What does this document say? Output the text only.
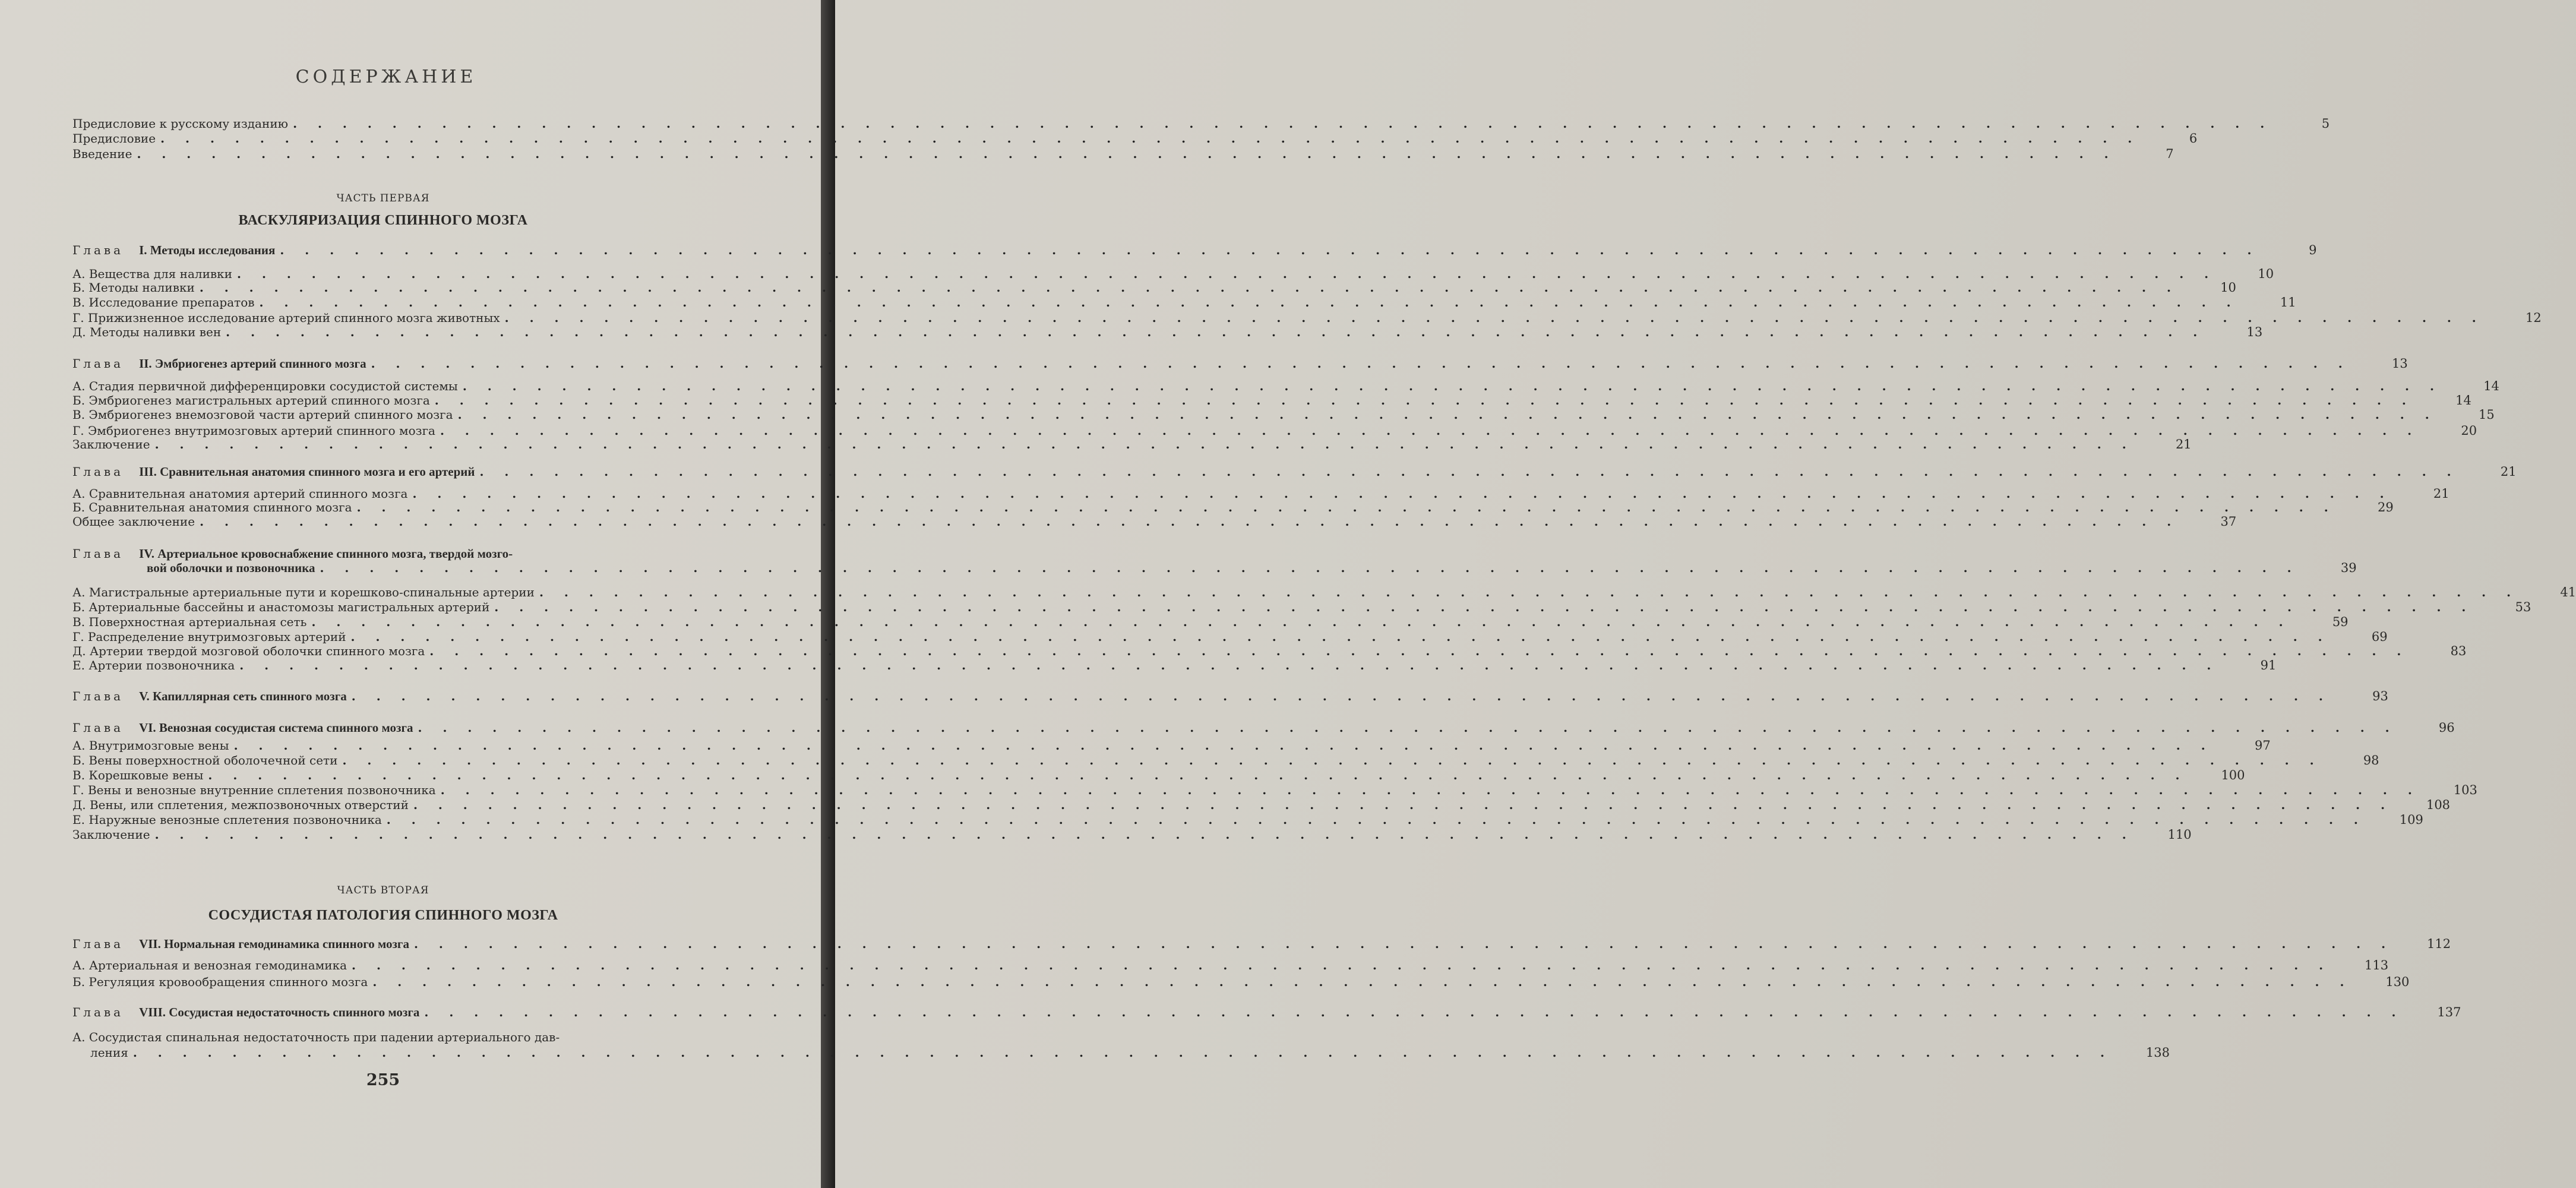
СОДЕРЖАНИЕ
Предисловие к русскому изданию . . . . . . . . . . . . . . . . . . . . . . . . . . . . . . . . . . . . . . . . . . . . . . . . . . . . . . . . . . . . . . . . . . . . . . . . . . . . . . . .	5
Предисловие . . . . . . . . . . . . . . . . . . . . . . . . . . . . . . . . . . . . . . . . . . . . . . . . . . . . . . . . . . . . . . . . . . . . . . . . . . . . . . . .	6
Введение . . . . . . . . . . . . . . . . . . . . . . . . . . . . . . . . . . . . . . . . . . . . . . . . . . . . . . . . . . . . . . . . . . . . . . . . . . . . . . . .	7
ЧАСТЬ ПЕРВАЯ
ВАСКУЛЯРИЗАЦИЯ СПИННОГО МОЗГА
Глава I. Методы исследования . . . . . . . . . . . . . . . . . . . . . . . . . . . . . . . . . . . . . . . . . . . . . . . . . . . . . . . . . . . . . . . . . . . . . . . . . . . . . . . .	9
А. Вещества для наливки . . . . . . . . . . . . . . . . . . . . . . . . . . . . . . . . . . . . . . . . . . . . . . . . . . . . . . . . . . . . . . . . . . . . . . . . . . . . . . . .	10
Б. Методы наливки . . . . . . . . . . . . . . . . . . . . . . . . . . . . . . . . . . . . . . . . . . . . . . . . . . . . . . . . . . . . . . . . . . . . . . . . . . . . . . . .	10
В. Исследование препаратов . . . . . . . . . . . . . . . . . . . . . . . . . . . . . . . . . . . . . . . . . . . . . . . . . . . . . . . . . . . . . . . . . . . . . . . . . . . . . . . .	11
Г. Прижизненное исследование артерий спинного мозга животных . . . . . . . . . . . . . . . . . . . . . . . . . . . . . . . . . . . . . . . . . . . . . . . . . . . . . . . . . . . . . . . . . . . . . . . . . . . . . . . .	12
Д. Методы наливки вен . . . . . . . . . . . . . . . . . . . . . . . . . . . . . . . . . . . . . . . . . . . . . . . . . . . . . . . . . . . . . . . . . . . . . . . . . . . . . . . .	13
Глава II. Эмбриогенез артерий спинного мозга . . . . . . . . . . . . . . . . . . . . . . . . . . . . . . . . . . . . . . . . . . . . . . . . . . . . . . . . . . . . . . . . . . . . . . . . . . . . . . . .	13
А. Стадия первичной дифференцировки сосудистой системы . . . . . . . . . . . . . . . . . . . . . . . . . . . . . . . . . . . . . . . . . . . . . . . . . . . . . . . . . . . . . . . . . . . . . . . . . . . . . . . .	14
Б. Эмбриогенез магистральных артерий спинного мозга . . . . . . . . . . . . . . . . . . . . . . . . . . . . . . . . . . . . . . . . . . . . . . . . . . . . . . . . . . . . . . . . . . . . . . . . . . . . . . . .	14
В. Эмбриогенез внемозговой части артерий спинного мозга . . . . . . . . . . . . . . . . . . . . . . . . . . . . . . . . . . . . . . . . . . . . . . . . . . . . . . . . . . . . . . . . . . . . . . . . . . . . . . . .	15
Г. Эмбриогенез внутримозговых артерий спинного мозга . . . . . . . . . . . . . . . . . . . . . . . . . . . . . . . . . . . . . . . . . . . . . . . . . . . . . . . . . . . . . . . . . . . . . . . . . . . . . . . .	20
Заключение . . . . . . . . . . . . . . . . . . . . . . . . . . . . . . . . . . . . . . . . . . . . . . . . . . . . . . . . . . . . . . . . . . . . . . . . . . . . . . . .	21
Глава III. Сравнительная анатомия спинного мозга и его артерий . . . . . . . . . . . . . . . . . . . . . . . . . . . . . . . . . . . . . . . . . . . . . . . . . . . . . . . . . . . . . . . . . . . . . . . . . . . . . . . .	21
А. Сравнительная анатомия артерий спинного мозга . . . . . . . . . . . . . . . . . . . . . . . . . . . . . . . . . . . . . . . . . . . . . . . . . . . . . . . . . . . . . . . . . . . . . . . . . . . . . . . .	21
Б. Сравнительная анатомия спинного мозга . . . . . . . . . . . . . . . . . . . . . . . . . . . . . . . . . . . . . . . . . . . . . . . . . . . . . . . . . . . . . . . . . . . . . . . . . . . . . . . .	29
Общее заключение . . . . . . . . . . . . . . . . . . . . . . . . . . . . . . . . . . . . . . . . . . . . . . . . . . . . . . . . . . . . . . . . . . . . . . . . . . . . . . . .	37
Глава IV. Артериальное кровоснабжение спинного мозга, твердой мозго-
вой оболочки и позвоночника . . . . . . . . . . . . . . . . . . . . . . . . . . . . . . . . . . . . . . . . . . . . . . . . . . . . . . . . . . . . . . . . . . . . . . . . . . . . . . . .	39
А. Магистральные артериальные пути и корешково-спинальные артерии . . . . . . . . . . . . . . . . . . . . . . . . . . . . . . . . . . . . . . . . . . . . . . . . . . . . . . . . . . . . . . . . . . . . . . . . . . . . . . . .	41
Б. Артериальные бассейны и анастомозы магистральных артерий . . . . . . . . . . . . . . . . . . . . . . . . . . . . . . . . . . . . . . . . . . . . . . . . . . . . . . . . . . . . . . . . . . . . . . . . . . . . . . . .	53
В. Поверхностная артериальная сеть . . . . . . . . . . . . . . . . . . . . . . . . . . . . . . . . . . . . . . . . . . . . . . . . . . . . . . . . . . . . . . . . . . . . . . . . . . . . . . . .	59
Г. Распределение внутримозговых артерий . . . . . . . . . . . . . . . . . . . . . . . . . . . . . . . . . . . . . . . . . . . . . . . . . . . . . . . . . . . . . . . . . . . . . . . . . . . . . . . .	69
Д. Артерии твердой мозговой оболочки спинного мозга . . . . . . . . . . . . . . . . . . . . . . . . . . . . . . . . . . . . . . . . . . . . . . . . . . . . . . . . . . . . . . . . . . . . . . . . . . . . . . . .	83
Е. Артерии позвоночника . . . . . . . . . . . . . . . . . . . . . . . . . . . . . . . . . . . . . . . . . . . . . . . . . . . . . . . . . . . . . . . . . . . . . . . . . . . . . . . .	91
Глава V. Капиллярная сеть спинного мозга . . . . . . . . . . . . . . . . . . . . . . . . . . . . . . . . . . . . . . . . . . . . . . . . . . . . . . . . . . . . . . . . . . . . . . . . . . . . . . . .	93
Глава VI. Венозная сосудистая система спинного мозга . . . . . . . . . . . . . . . . . . . . . . . . . . . . . . . . . . . . . . . . . . . . . . . . . . . . . . . . . . . . . . . . . . . . . . . . . . . . . . . .	96
А. Внутримозговые вены . . . . . . . . . . . . . . . . . . . . . . . . . . . . . . . . . . . . . . . . . . . . . . . . . . . . . . . . . . . . . . . . . . . . . . . . . . . . . . . .	97
Б. Вены поверхностной оболочечной сети . . . . . . . . . . . . . . . . . . . . . . . . . . . . . . . . . . . . . . . . . . . . . . . . . . . . . . . . . . . . . . . . . . . . . . . . . . . . . . . .	98
В. Корешковые вены . . . . . . . . . . . . . . . . . . . . . . . . . . . . . . . . . . . . . . . . . . . . . . . . . . . . . . . . . . . . . . . . . . . . . . . . . . . . . . . .	100
Г. Вены и венозные внутренние сплетения позвоночника . . . . . . . . . . . . . . . . . . . . . . . . . . . . . . . . . . . . . . . . . . . . . . . . . . . . . . . . . . . . . . . . . . . . . . . . . . . . . . . .	103
Д. Вены, или сплетения, межпозвоночных отверстий . . . . . . . . . . . . . . . . . . . . . . . . . . . . . . . . . . . . . . . . . . . . . . . . . . . . . . . . . . . . . . . . . . . . . . . . . . . . . . . .	108
Е. Наружные венозные сплетения позвоночника . . . . . . . . . . . . . . . . . . . . . . . . . . . . . . . . . . . . . . . . . . . . . . . . . . . . . . . . . . . . . . . . . . . . . . . . . . . . . . . .	109
Заключение . . . . . . . . . . . . . . . . . . . . . . . . . . . . . . . . . . . . . . . . . . . . . . . . . . . . . . . . . . . . . . . . . . . . . . . . . . . . . . . .	110
ЧАСТЬ ВТОРАЯ
СОСУДИСТАЯ ПАТОЛОГИЯ СПИННОГО МОЗГА
Глава VII. Нормальная гемодинамика спинного мозга . . . . . . . . . . . . . . . . . . . . . . . . . . . . . . . . . . . . . . . . . . . . . . . . . . . . . . . . . . . . . . . . . . . . . . . . . . . . . . . .	112
А. Артериальная и венозная гемодинамика . . . . . . . . . . . . . . . . . . . . . . . . . . . . . . . . . . . . . . . . . . . . . . . . . . . . . . . . . . . . . . . . . . . . . . . . . . . . . . . .	113
Б. Регуляция кровообращения спинного мозга . . . . . . . . . . . . . . . . . . . . . . . . . . . . . . . . . . . . . . . . . . . . . . . . . . . . . . . . . . . . . . . . . . . . . . . . . . . . . . . .	130
Глава VIII. Сосудистая недостаточность спинного мозга . . . . . . . . . . . . . . . . . . . . . . . . . . . . . . . . . . . . . . . . . . . . . . . . . . . . . . . . . . . . . . . . . . . . . . . . . . . . . . . .	137
А. Сосудистая спинальная недостаточность при падении артериального дав-
ления . . . . . . . . . . . . . . . . . . . . . . . . . . . . . . . . . . . . . . . . . . . . . . . . . . . . . . . . . . . . . . . . . . . . . . . . . . . . . . . .	138
255
